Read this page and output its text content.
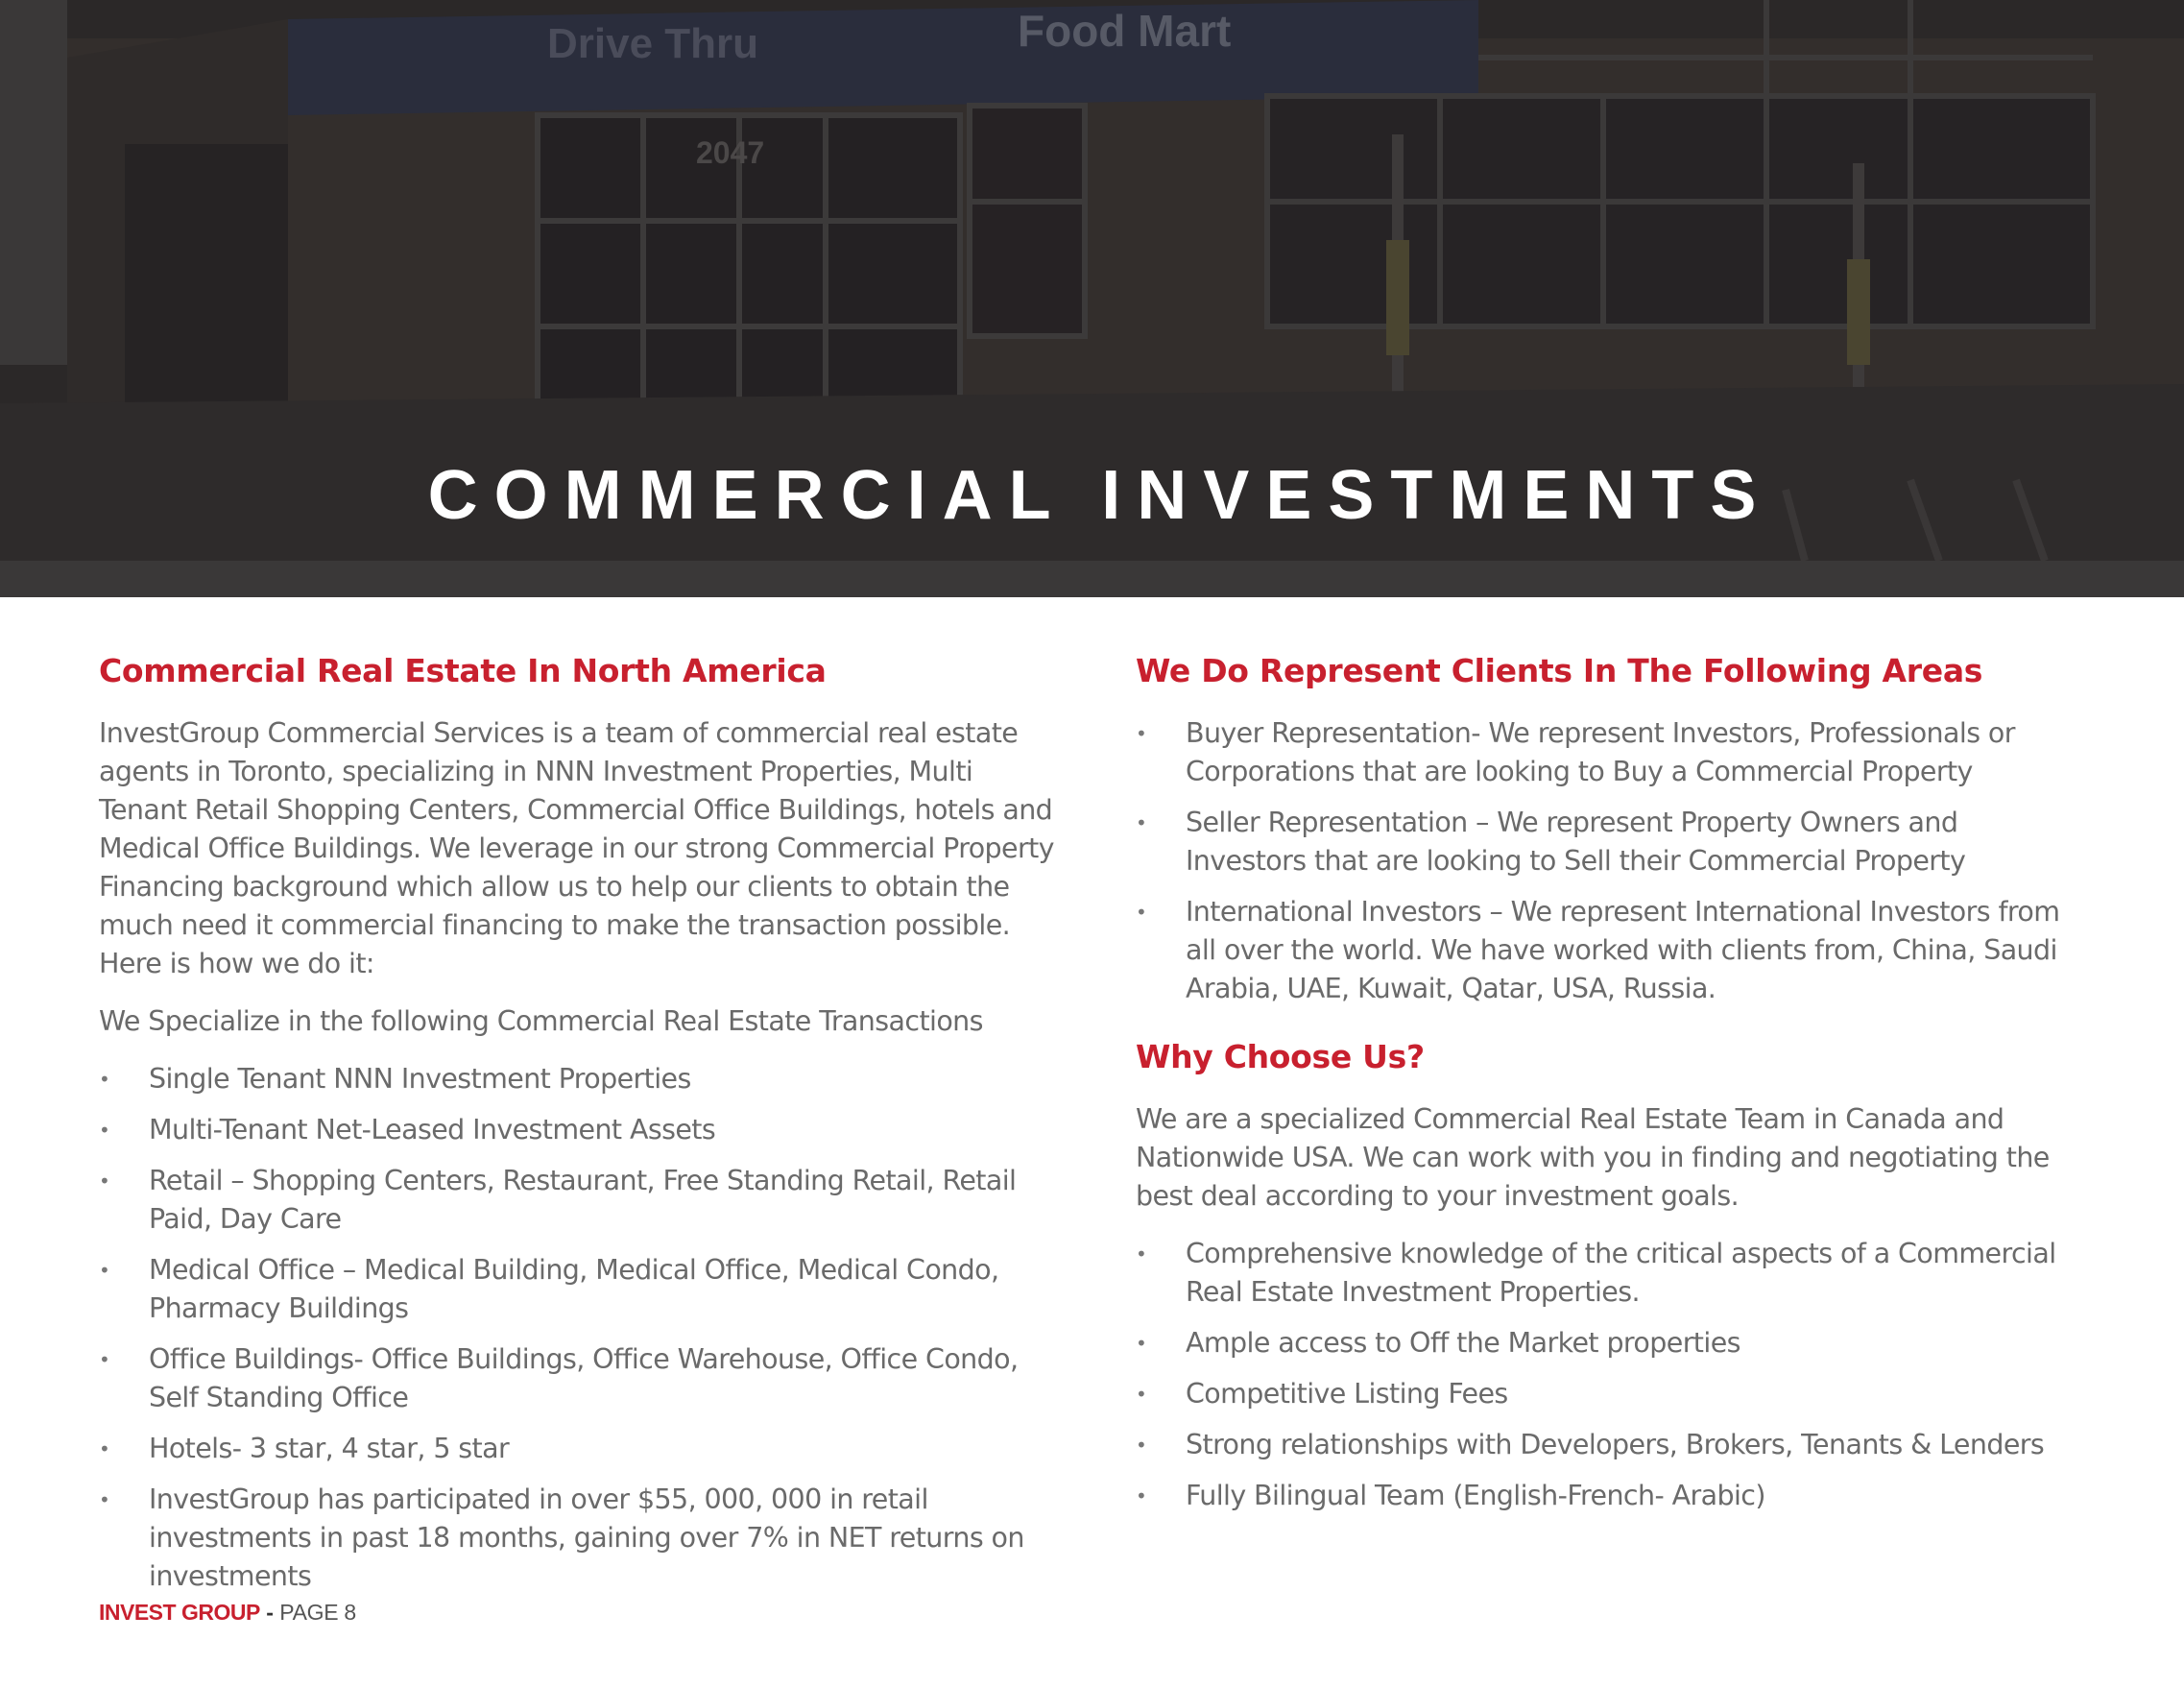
Drive Thru	Food Mart
2047
COMMERCIAL INVESTMENTS
Commercial Real Estate In North America

InvestGroup Commercial Services is a team of commercial real estate agents in Toronto, specializing in NNN Investment Properties, Multi Tenant Retail Shopping Centers, Commercial Office Buildings, hotels and Medical Office Buildings. We leverage in our strong Commercial Property Financing background which allow us to help our clients to obtain the much need it commercial financing to make the transaction possible. Here is how we do it:

We Specialize in the following Commercial Real Estate Transactions

•	Single Tenant NNN Investment Properties
•	Multi-Tenant Net-Leased Investment Assets
•	Retail – Shopping Centers, Restaurant, Free Standing Retail, Retail Paid, Day Care
•	Medical Office – Medical Building, Medical Office, Medical Condo, Pharmacy Buildings
•	Office Buildings- Office Buildings, Office Warehouse, Office Condo, Self Standing Office
•	Hotels- 3 star, 4 star, 5 star
•	InvestGroup has participated in over $55, 000, 000 in retail investments in past 18 months, gaining over 7% in NET returns on investments
We Do Represent Clients In The Following Areas
•	Buyer Representation- We represent Investors, Professionals or Corporations that are looking to Buy a Commercial Property
•	Seller Representation – We represent Property Owners and Investors that are looking to Sell their Commercial Property
•	International Investors – We represent International Investors from all over the world. We have worked with clients from, China, Saudi Arabia, UAE, Kuwait, Qatar, USA, Russia.
Why Choose Us?

We are a specialized Commercial Real Estate Team in Canada and Nationwide USA. We can work with you in finding and negotiating the best deal according to your investment goals.

•	Comprehensive knowledge of the critical aspects of a Commercial Real Estate Investment Properties.
•	Ample access to Off the Market properties
•	Competitive Listing Fees
•	Strong relationships with Developers, Brokers, Tenants & Lenders
•	Fully Bilingual Team (English-French- Arabic)
INVEST GROUP - PAGE 8
